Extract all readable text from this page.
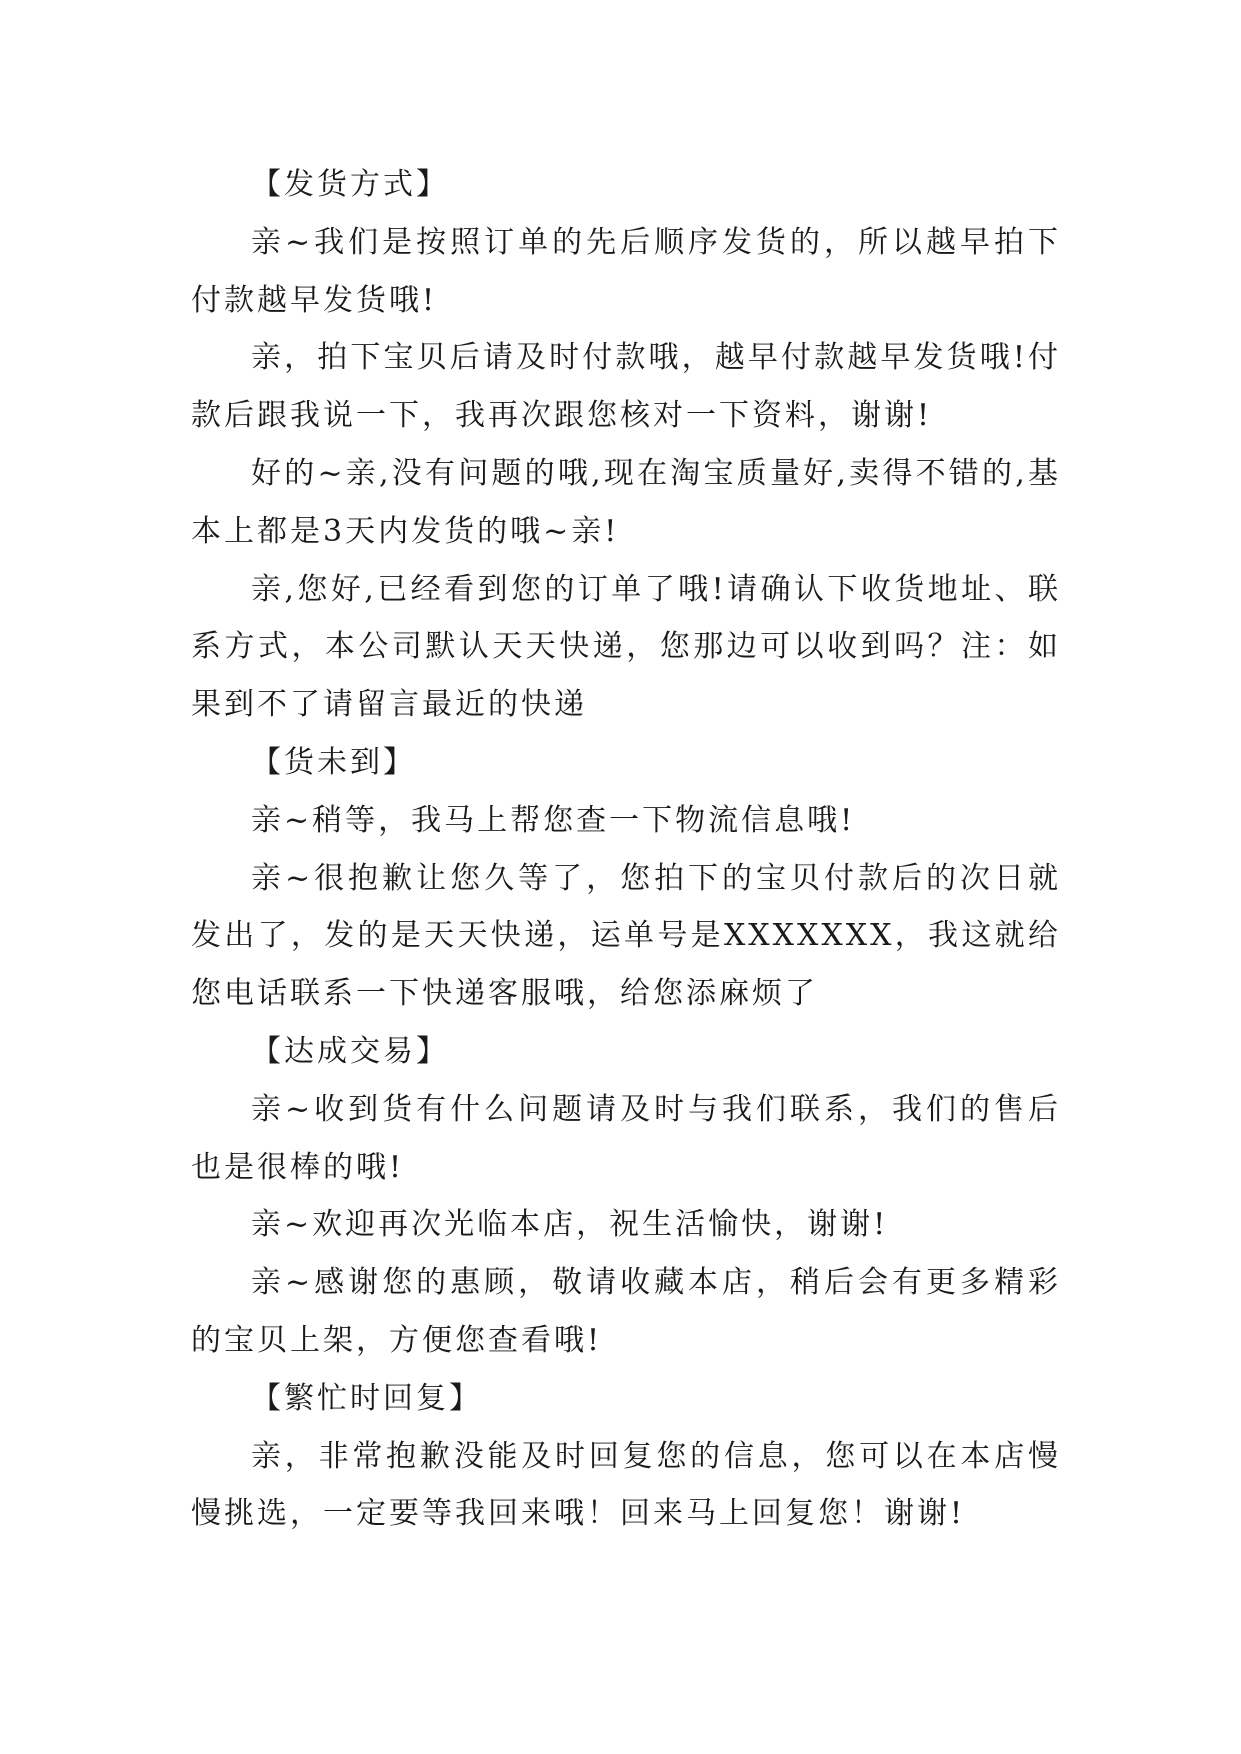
【发货方式】

亲~我们是按照订单的先后顺序发货的，所以越早拍下付款越早发货哦!

亲，拍下宝贝后请及时付款哦，越早付款越早发货哦!付款后跟我说一下，我再次跟您核对一下资料，谢谢!

好的~亲,没有问题的哦,现在淘宝质量好,卖得不错的,基本上都是3天内发货的哦~亲!

亲,您好,已经看到您的订单了哦!请确认下收货地址、联系方式，本公司默认天天快递，您那边可以收到吗？注：如果到不了请留言最近的快递

【货未到】

亲~稍等，我马上帮您查一下物流信息哦!

亲~很抱歉让您久等了，您拍下的宝贝付款后的次日就发出了，发的是天天快递，运单号是XXXXXXX，我这就给您电话联系一下快递客服哦，给您添麻烦了

【达成交易】

亲~收到货有什么问题请及时与我们联系，我们的售后也是很棒的哦!

亲~欢迎再次光临本店，祝生活愉快，谢谢!

亲~感谢您的惠顾，敬请收藏本店，稍后会有更多精彩的宝贝上架，方便您查看哦!

【繁忙时回复】

亲，非常抱歉没能及时回复您的信息，您可以在本店慢慢挑选，一定要等我回来哦！回来马上回复您！谢谢!
